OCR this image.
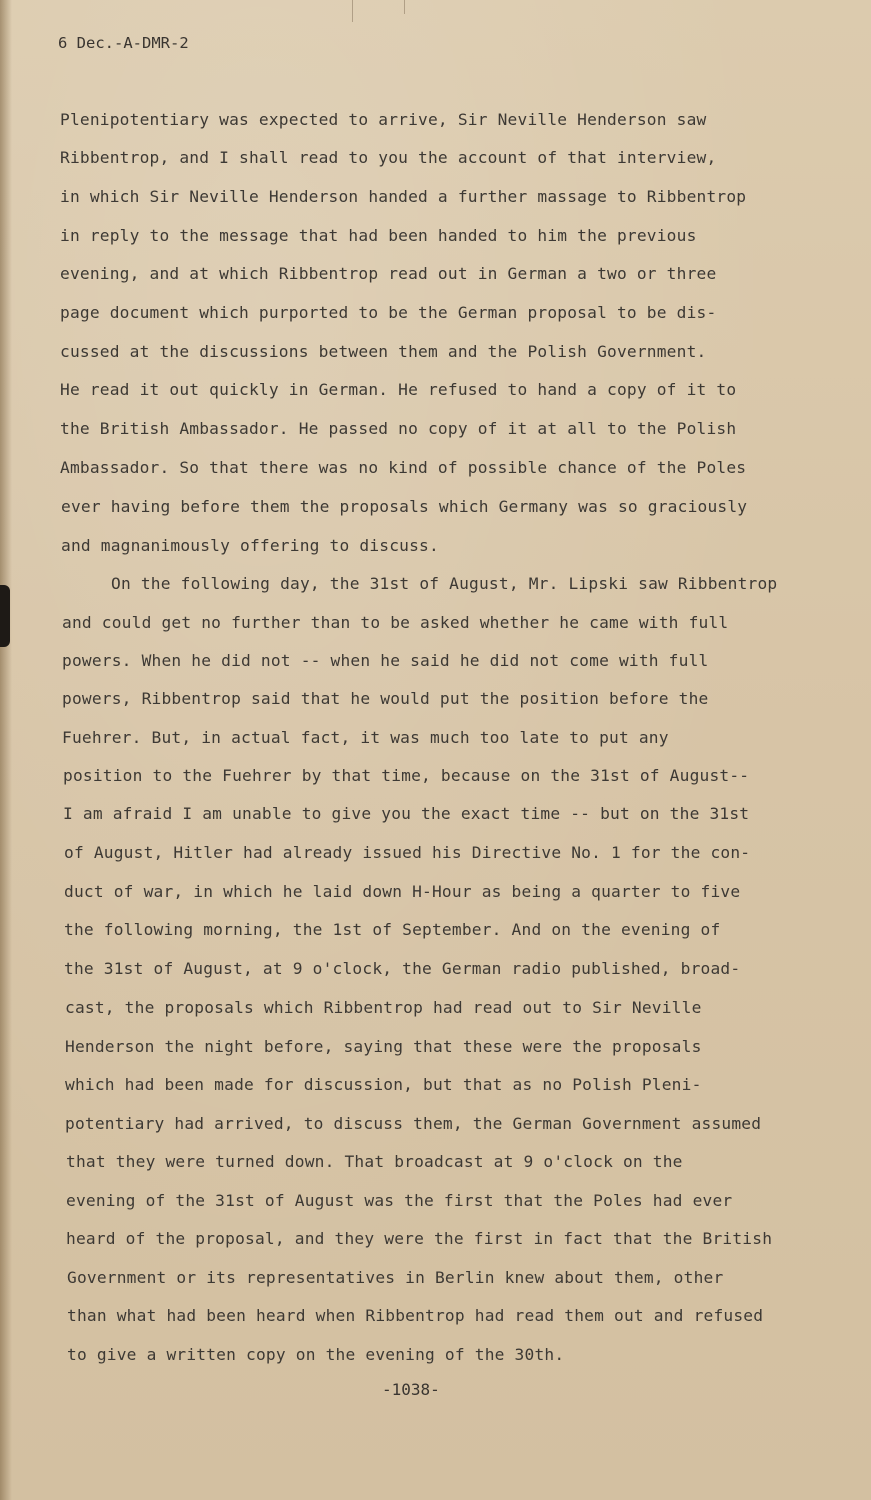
6 Dec.-A-DMR-2
Plenipotentiary was expected to arrive, Sir Neville Henderson saw
Ribbentrop, and I shall read to you the account of that interview,
in which Sir Neville Henderson handed a further massage to Ribbentrop
in reply to the message that had been handed to him the previous
evening, and at which Ribbentrop read out in German a two or three
page document which purported to be the German proposal to be dis-
cussed at the discussions between them and the Polish Government.
He read it out quickly in German. He refused to hand a copy of it to
the British Ambassador. He passed no copy of it at all to the Polish
Ambassador. So that there was no kind of possible chance of the Poles
ever having before them the proposals which Germany was so graciously
and magnanimously offering to discuss.
On the following day, the 31st of August, Mr. Lipski saw Ribbentrop
and could get no further than to be asked whether he came with full
powers. When he did not -- when he said he did not come with full
powers, Ribbentrop said that he would put the position before the
Fuehrer. But, in actual fact, it was much too late to put any
position to the Fuehrer by that time, because on the 31st of August--
I am afraid I am unable to give you the exact time -- but on the 31st
of August, Hitler had already issued his Directive No. 1 for the con-
duct of war, in which he laid down H-Hour as being a quarter to five
the following morning, the 1st of September. And on the evening of
the 31st of August, at 9 o'clock, the German radio published, broad-
cast, the proposals which Ribbentrop had read out to Sir Neville
Henderson the night before, saying that these were the proposals
which had been made for discussion, but that as no Polish Pleni-
potentiary had arrived, to discuss them, the German Government assumed
that they were turned down. That broadcast at 9 o'clock on the
evening of the 31st of August was the first that the Poles had ever
heard of the proposal, and they were the first in fact that the British
Government or its representatives in Berlin knew about them, other
than what had been heard when Ribbentrop had read them out and refused
to give a written copy on the evening of the 30th.
-1038-
